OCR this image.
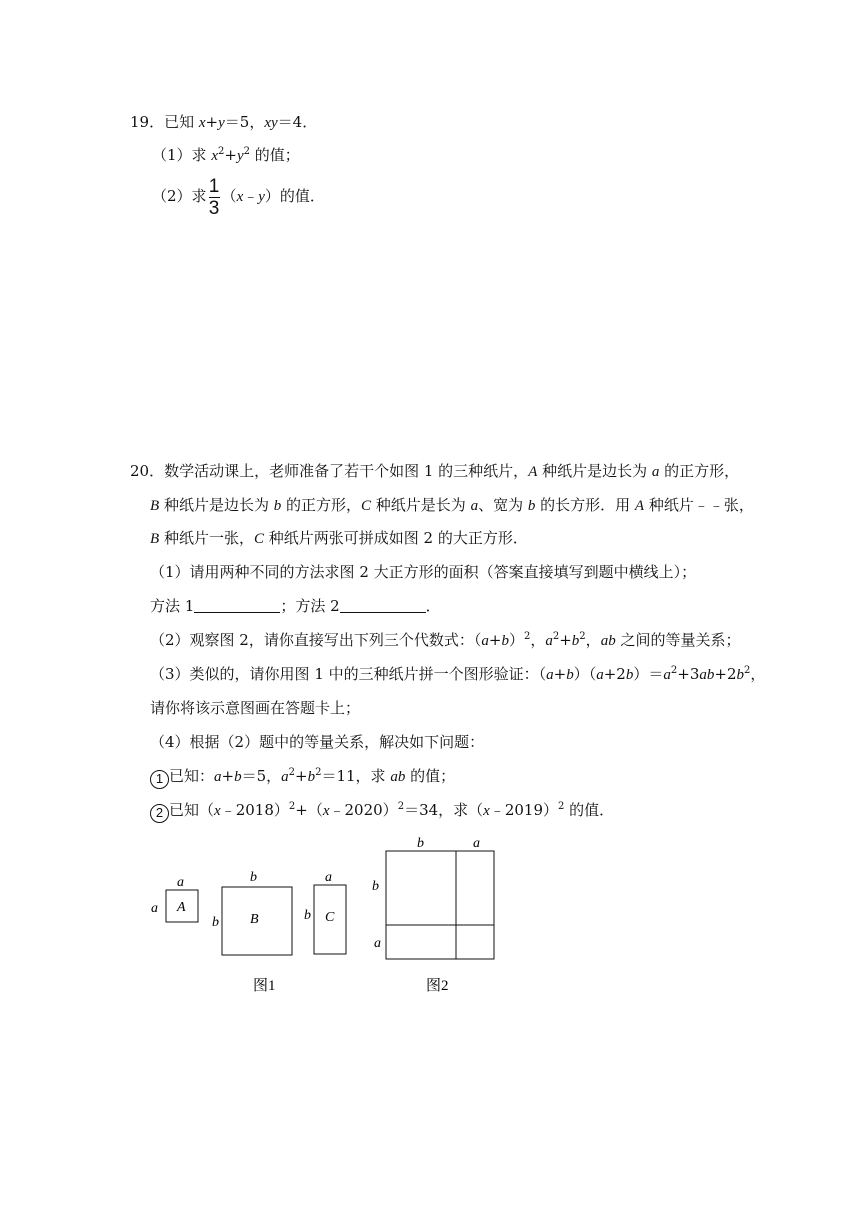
19．已知 x+y＝5，xy＝4．
（1）求 $x^2+y^2$ 的值；
（2）求 $\frac{1}{3}$ （x﹣y）的值．
20．数学活动课上，老师准备了若干个如图 1 的三种纸片，A 种纸片是边长为 a 的正方形，
B 种纸片是边长为 b 的正方形，C 种纸片是长为 a、宽为 b 的长方形．用 A 种纸片﹣﹣张，
B 种纸片一张，C 种纸片两张可拼成如图 2 的大正方形．
（1）请用两种不同的方法求图 2 大正方形的面积（答案直接填写到题中横线上）；
方法 1	；方法 2	．
（2）观察图 2，请你直接写出下列三个代数式：$(a+b)^2$，$a^2+b^2$，ab 之间的等量关系；
（3）类似的，请你用图 1 中的三种纸片拼一个图形验证：$(a+b)(a+2b)=a^2+3ab+2b^2$，
请你将该示意图画在答题卡上；
（4）根据（2）题中的等量关系，解决如下问题：
1 已知：a+b＝5，$a^2+b^2=11$，求 ab 的值；
2 已知（x﹣2018）$^2$+（x﹣2020）$^2$＝34，求（x﹣2019）$^2$ 的值．
A
a
a
B
b
b	C
a
b
图1
b	a
b
a
图2
